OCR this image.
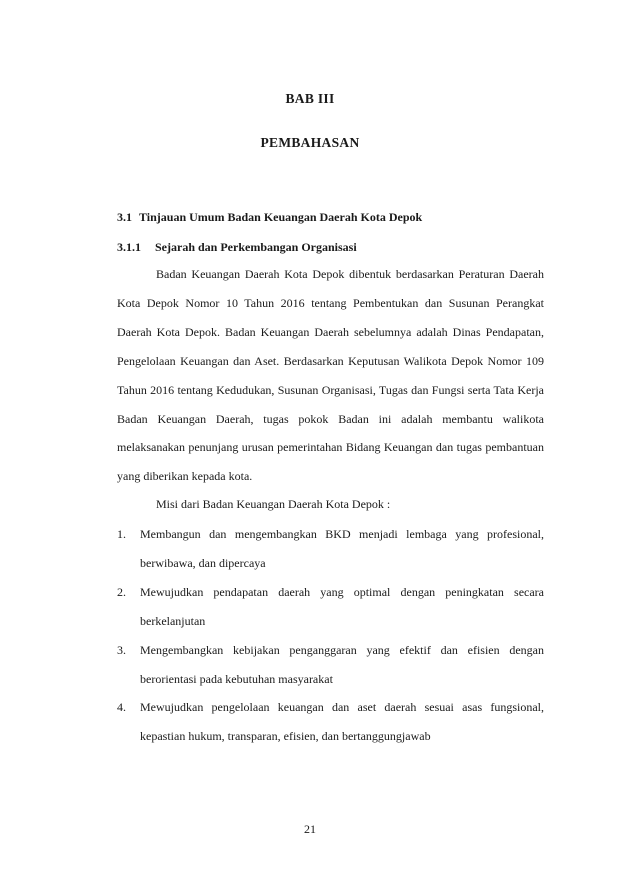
BAB III
PEMBAHASAN
3.1 Tinjauan Umum Badan Keuangan Daerah Kota Depok
3.1.1 Sejarah dan Perkembangan Organisasi

Badan Keuangan Daerah Kota Depok dibentuk berdasarkan Peraturan Daerah Kota Depok Nomor 10 Tahun 2016 tentang Pembentukan dan Susunan Perangkat Daerah Kota Depok. Badan Keuangan Daerah sebelumnya adalah Dinas Pendapatan, Pengelolaan Keuangan dan Aset. Berdasarkan Keputusan Walikota Depok Nomor 109 Tahun 2016 tentang Kedudukan, Susunan Organisasi, Tugas dan Fungsi serta Tata Kerja Badan Keuangan Daerah, tugas pokok Badan ini adalah membantu walikota melaksanakan penunjang urusan pemerintahan Bidang Keuangan dan tugas pembantuan yang diberikan kepada kota.

Misi dari Badan Keuangan Daerah Kota Depok :

1. Membangun dan mengembangkan BKD menjadi lembaga yang profesional, berwibawa, dan dipercaya
2. Mewujudkan pendapatan daerah yang optimal dengan peningkatan secara berkelanjutan
3. Mengembangkan kebijakan penganggaran yang efektif dan efisien dengan berorientasi pada kebutuhan masyarakat
4. Mewujudkan pengelolaan keuangan dan aset daerah sesuai asas fungsional, kepastian hukum, transparan, efisien, dan bertanggungjawab
21
